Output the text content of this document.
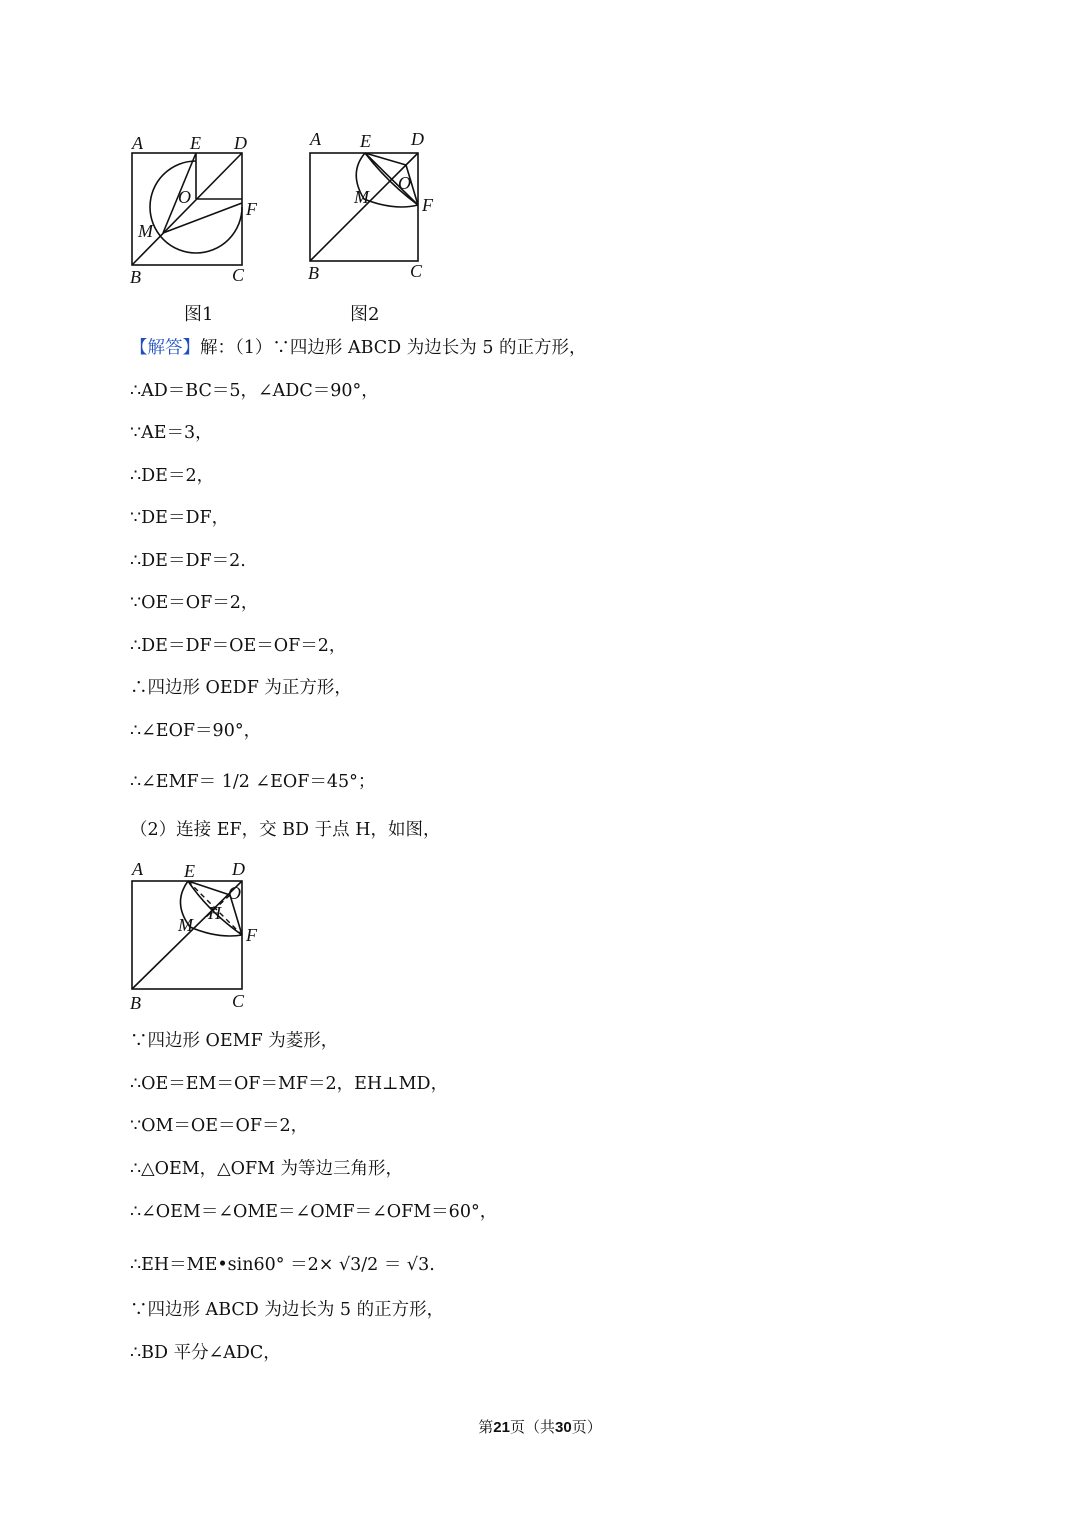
A	E D
O
F
M
B	C
图1
A E D
O
M	F
B	C
图2
【解答】解：（1）∵四边形 ABCD 为边长为 5 的正方形，
∴AD＝BC＝5，∠ADC＝90°，
∵AE＝3，
∴DE＝2，
∵DE＝DF，
∴DE＝DF＝2.
∵OE＝OF＝2，
∴DE＝DF＝OE＝OF＝2，
∴四边形 OEDF 为正方形，
∴∠EOF＝90°，
∴∠EMF＝ 1/2 ∠EOF＝45°；
（2）连接 EF，交 BD 于点 H，如图，
A E D
O
H
M	F
B	C
∵四边形 OEMF 为菱形，
∴OE＝EM＝OF＝MF＝2，EH⊥MD，
∵OM＝OE＝OF＝2，
∴△OEM，△OFM 为等边三角形，
∴∠OEM＝∠OME＝∠OMF＝∠OFM＝60°，
∴EH＝ME•sin60° ＝2× √3/2 ＝ √3.
∵四边形 ABCD 为边长为 5 的正方形，
∴BD 平分∠ADC，
第21页（共30页）
